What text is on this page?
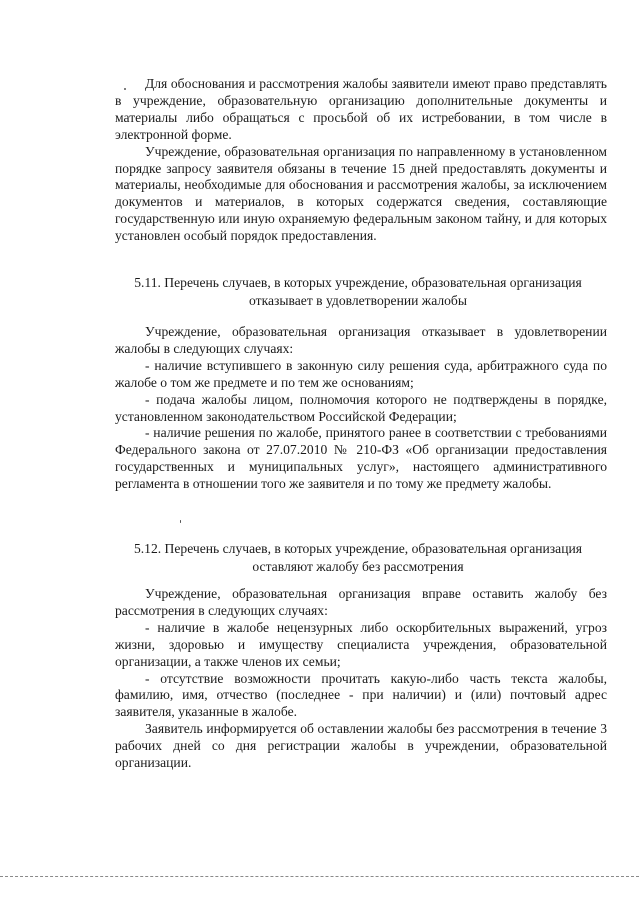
Для обоснования и рассмотрения жалобы заявители имеют право представлять в учреждение, образовательную организацию дополнительные документы и материалы либо обращаться с просьбой об их истребовании, в том числе в электронной форме.

Учреждение, образовательная организация по направленному в установленном порядке запросу заявителя обязаны в течение 15 дней предоставлять документы и материалы, необходимые для обоснования и рассмотрения жалобы, за исключением документов и материалов, в которых содержатся сведения, составляющие государственную или иную охраняемую федеральным законом тайну, и для которых установлен особый порядок предоставления.

5.11. Перечень случаев, в которых учреждение, образовательная организация

отказывает в удовлетворении жалобы

Учреждение, образовательная организация отказывает в удовлетворении жалобы в следующих случаях:

- наличие вступившего в законную силу решения суда, арбитражного суда по жалобе о том же предмете и по тем же основаниям;

- подача жалобы лицом, полномочия которого не подтверждены в порядке, установленном законодательством Российской Федерации;

- наличие решения по жалобе, принятого ранее в соответствии с требованиями Федерального закона от 27.07.2010 № 210-ФЗ «Об организации предоставления государственных и муниципальных услуг», настоящего административного регламента в отношении того же заявителя и по тому же предмету жалобы.

5.12. Перечень случаев, в которых учреждение, образовательная организация

оставляют жалобу без рассмотрения

Учреждение, образовательная организация вправе оставить жалобу без рассмотрения в следующих случаях:

- наличие в жалобе нецензурных либо оскорбительных выражений, угроз жизни, здоровью и имуществу специалиста учреждения, образовательной организации, а также членов их семьи;

- отсутствие возможности прочитать какую-либо часть текста жалобы, фамилию, имя, отчество (последнее - при наличии) и (или) почтовый адрес заявителя, указанные в жалобе.

Заявитель информируется об оставлении жалобы без рассмотрения в течение 3 рабочих дней со дня регистрации жалобы в учреждении, образовательной организации.
